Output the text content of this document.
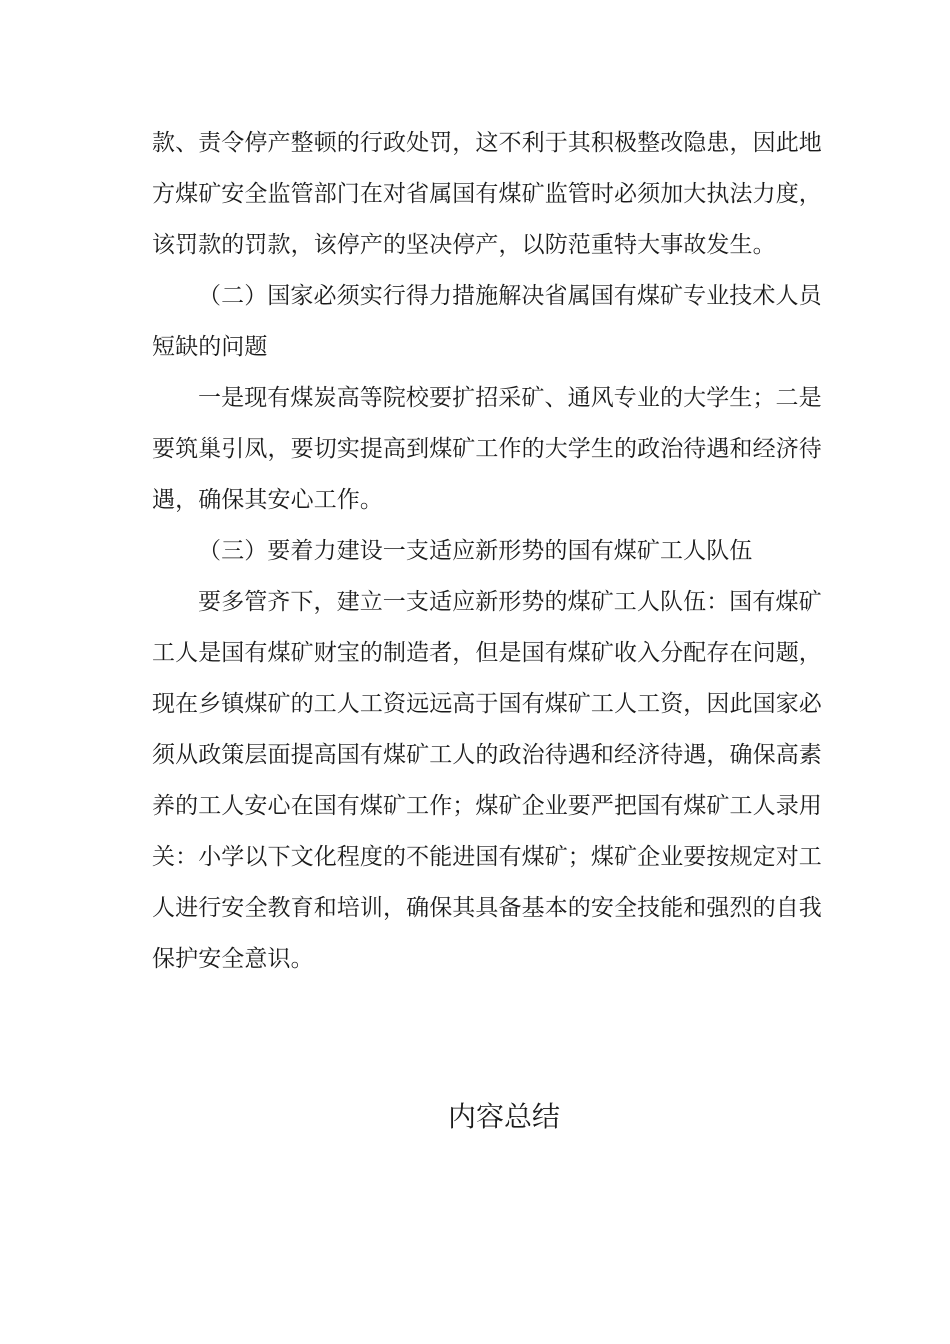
款、责令停产整顿的行政处罚，这不利于其积极整改隐患，因此地
方煤矿安全监管部门在对省属国有煤矿监管时必须加大执法力度，
该罚款的罚款，该停产的坚决停产，以防范重特大事故发生。
（二）国家必须实行得力措施解决省属国有煤矿专业技术人员
短缺的问题
一是现有煤炭高等院校要扩招采矿、通风专业的大学生；二是
要筑巢引凤，要切实提高到煤矿工作的大学生的政治待遇和经济待
遇，确保其安心工作。
（三）要着力建设一支适应新形势的国有煤矿工人队伍
要多管齐下，建立一支适应新形势的煤矿工人队伍：国有煤矿
工人是国有煤矿财宝的制造者，但是国有煤矿收入分配存在问题，
现在乡镇煤矿的工人工资远远高于国有煤矿工人工资，因此国家必
须从政策层面提高国有煤矿工人的政治待遇和经济待遇，确保高素
养的工人安心在国有煤矿工作；煤矿企业要严把国有煤矿工人录用
关：小学以下文化程度的不能进国有煤矿；煤矿企业要按规定对工
人进行安全教育和培训，确保其具备基本的安全技能和强烈的自我
保护安全意识。
内容总结
